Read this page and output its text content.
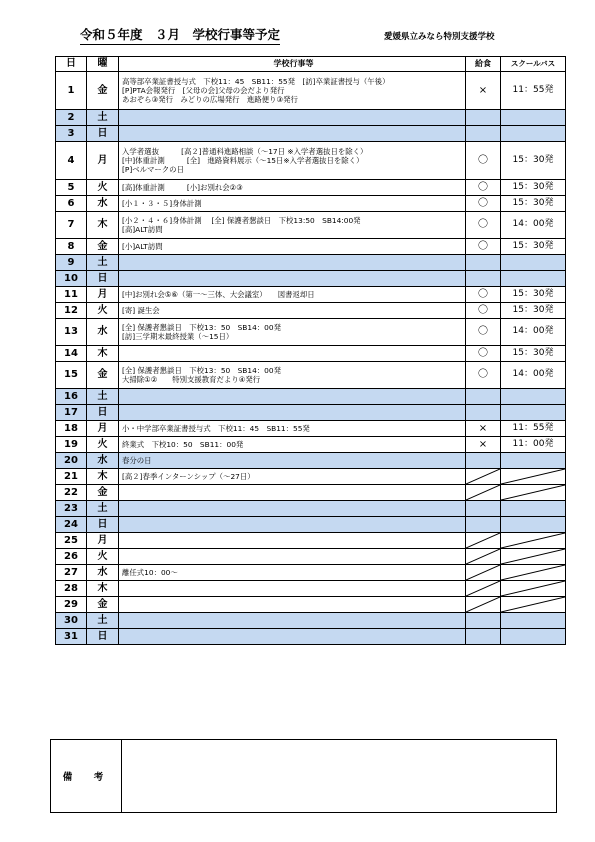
令和５年度　３月　学校行事等予定	愛媛県立みなら特別支援学校
日	曜	学校行事等	給食	スクールバス
1	金	高等部卒業証書授与式　下校11：45　SB11：55発　[訪]卒業証書授与（午後）
[P]PTA会報発行　[父母の会]父母の会だより発行
あおぞら③発行　みどりの広場発行　進路便り③発行	×	11：55発
2	土			
3	日			
4	月	入学者選抜　　　[高２]普通科進路相談（～17日 ※入学者選抜日を除く）
[中]体重計測　　　[全]　進路資料展示（～15日※入学者選抜日を除く）
[P]ベルマークの日	〇	15：30発
5	火	[高]体重計測　　　[小]お別れ会②③	〇	15：30発
6	水	[小１・３・５]身体計測	〇	15：30発
7	木	[小２・４・６]身体計測　 [全] 保護者懇談日　下校13:50　SB14:00発
[高]ALT訪問	〇	14：00発
8	金	[小]ALT訪問	〇	15：30発
9	土			
10	日			
11	月	[中]お別れ会⑤⑥（第一～三体、大会議室）　　図書返却日	〇	15：30発
12	火	[寄] 誕生会	〇	15：30発
13	水	[全] 保護者懇談日　下校13：50　SB14：00発
[訪]三学期末最終授業（～15日）	〇	14：00発
14	木		〇	15：30発
15	金	[全] 保護者懇談日　下校13：50　SB14：00発
大掃除①②　　特別支援教育だより④発行	〇	14：00発
16	土			
17	日			
18	月	小・中学部卒業証書授与式　下校11：45　SB11：55発	×	11：55発
19	火	終業式　下校10：50　SB11：00発	×	11：00発
20	水	春分の日		

21	木	[高２]春季インターンシップ（～27日）

22	金		

23	土			
24	日			
25	月		

26	火		

27	水	離任式10：00～

28	木		

29	金		

30	土			
31	日			
備　考	
